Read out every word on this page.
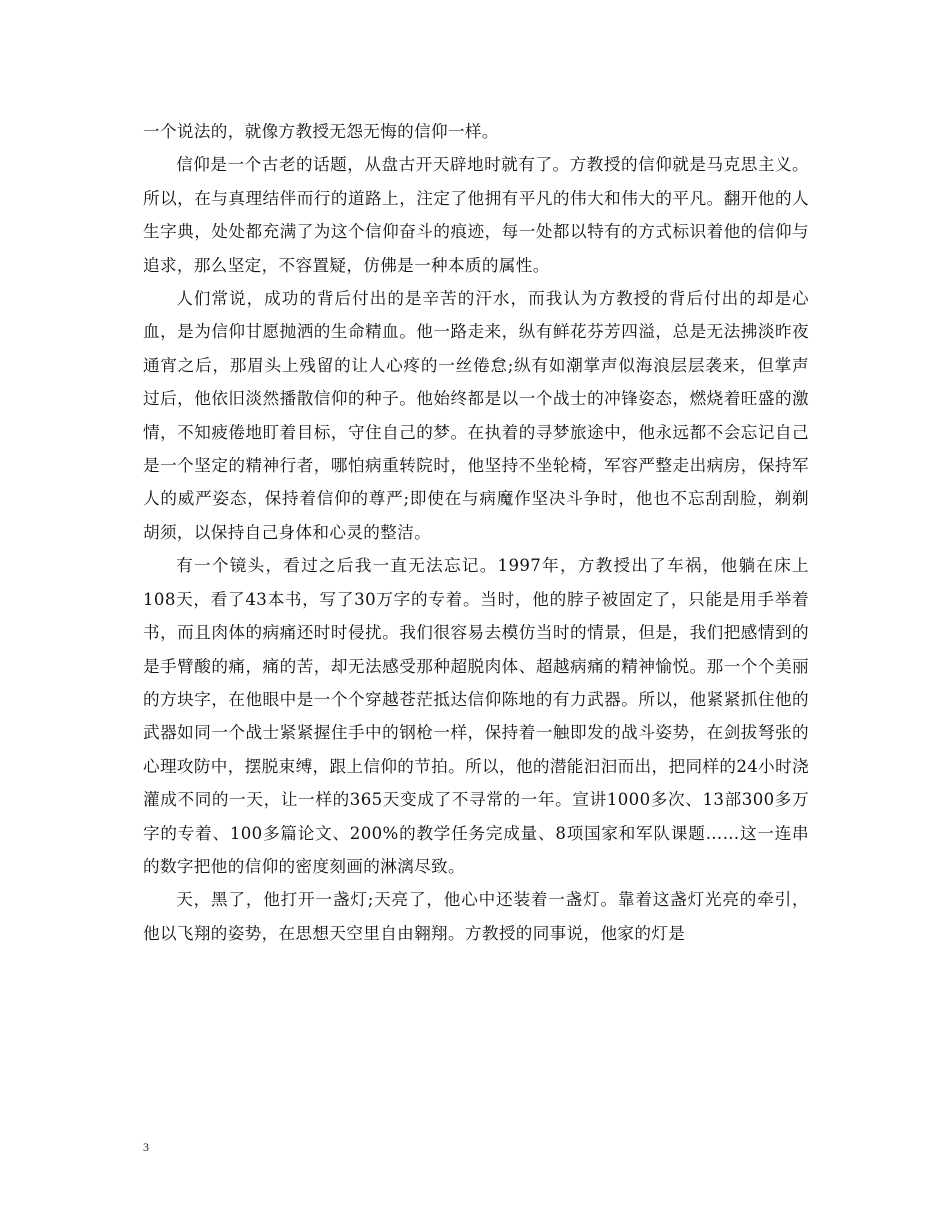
一个说法的，就像方教授无怨无悔的信仰一样。

信仰是一个古老的话题，从盘古开天辟地时就有了。方教授的信仰就是马克思主义。所以，在与真理结伴而行的道路上，注定了他拥有平凡的伟大和伟大的平凡。翻开他的人生字典，处处都充满了为这个信仰奋斗的痕迹，每一处都以特有的方式标识着他的信仰与追求，那么坚定，不容置疑，仿佛是一种本质的属性。

人们常说，成功的背后付出的是辛苦的汗水，而我认为方教授的背后付出的却是心血，是为信仰甘愿抛洒的生命精血。他一路走来，纵有鲜花芬芳四溢，总是无法拂淡昨夜通宵之后，那眉头上残留的让人心疼的一丝倦怠;纵有如潮掌声似海浪层层袭来，但掌声过后，他依旧淡然播散信仰的种子。他始终都是以一个战士的冲锋姿态，燃烧着旺盛的激情，不知疲倦地盯着目标，守住自己的梦。在执着的寻梦旅途中，他永远都不会忘记自己是一个坚定的精神行者，哪怕病重转院时，他坚持不坐轮椅，军容严整走出病房，保持军人的威严姿态，保持着信仰的尊严;即使在与病魔作坚决斗争时，他也不忘刮刮脸，剃剃胡须，以保持自己身体和心灵的整洁。

有一个镜头，看过之后我一直无法忘记。1997年，方教授出了车祸，他躺在床上108天，看了43本书，写了30万字的专着。当时，他的脖子被固定了，只能是用手举着书，而且肉体的病痛还时时侵扰。我们很容易去模仿当时的情景，但是，我们把感情到的是手臂酸的痛，痛的苦，却无法感受那种超脱肉体、超越病痛的精神愉悦。那一个个美丽的方块字，在他眼中是一个个穿越苍茫抵达信仰陈地的有力武器。所以，他紧紧抓住他的武器如同一个战士紧紧握住手中的钢枪一样，保持着一触即发的战斗姿势，在剑拔弩张的心理攻防中，摆脱束缚，跟上信仰的节拍。所以，他的潜能汩汩而出，把同样的24小时浇灌成不同的一天，让一样的365天变成了不寻常的一年。宣讲1000多次、13部300多万字的专着、100多篇论文、200%的教学任务完成量、8项国家和军队课题……这一连串的数字把他的信仰的密度刻画的淋漓尽致。

天，黑了，他打开一盏灯;天亮了，他心中还装着一盏灯。靠着这盏灯光亮的牵引，他以飞翔的姿势，在思想天空里自由翱翔。方教授的同事说，他家的灯是

3
